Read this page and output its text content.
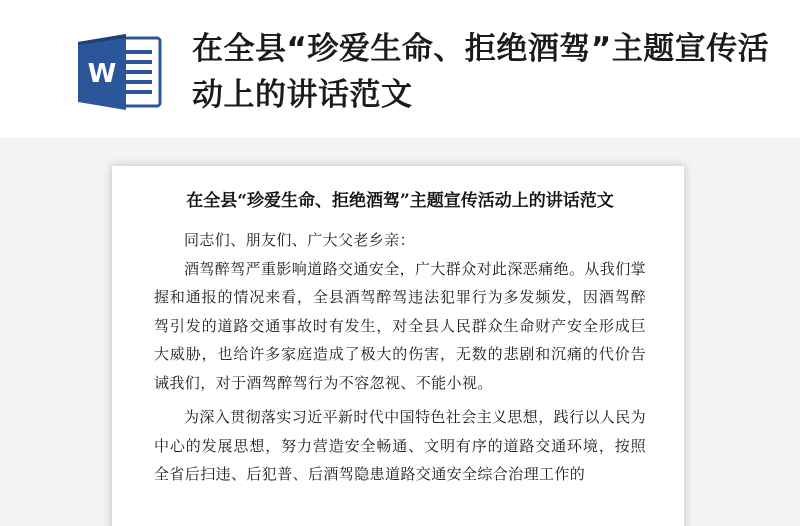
W
在全县“珍爱生命、拒绝酒驾”主题宣传活动上的讲话范文
在全县“珍爱生命、拒绝酒驾”主题宣传活动上的讲话范文
同志们、朋友们、广大父老乡亲：
酒驾醉驾严重影响道路交通安全，广大群众对此深恶痛绝。从我们掌握和通报的情况来看，全县酒驾醉驾违法犯罪行为多发频发，因酒驾醉驾引发的道路交通事故时有发生，对全县人民群众生命财产安全形成巨大威胁，也给许多家庭造成了极大的伤害，无数的悲剧和沉痛的代价告诫我们，对于酒驾醉驾行为不容忽视、不能小视。
为深入贯彻落实习近平新时代中国特色社会主义思想，践行以人民为中心的发展思想，努力营造安全畅通、文明有序的道路交通环境，按照全省后扫违、后犯普、后酒驾隐患道路交通安全综合治理工作的
